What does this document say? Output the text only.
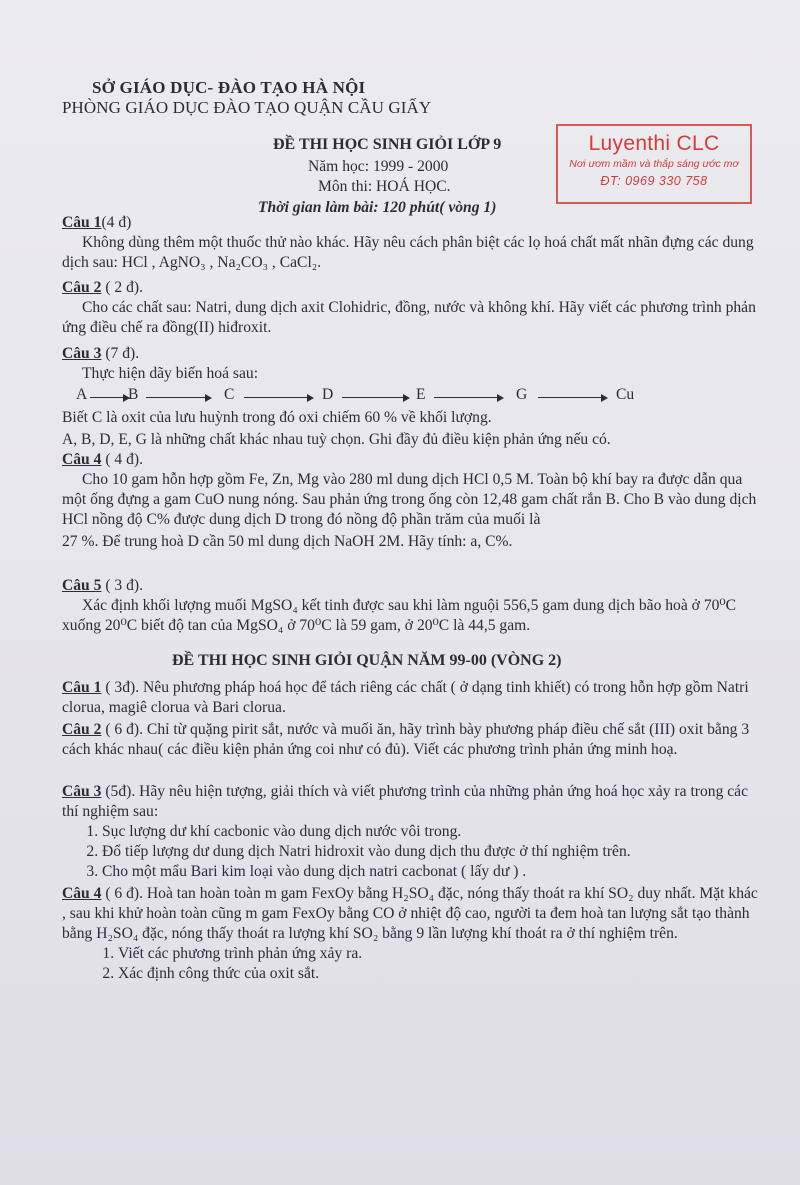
SỞ GIÁO DỤC- ĐÀO TẠO HÀ NỘI
PHÒNG GIÁO DỤC ĐÀO TẠO QUẬN CẦU GIẤY
ĐỀ THI HỌC SINH GIỎI LỚP 9
Năm học: 1999 - 2000
Môn thi: HOÁ HỌC.
Thời gian làm bài: 120 phút( vòng 1)
Luyenthi CLC
Nơi ươm mầm và thắp sáng ước mơ
ĐT: 0969 330 758
Câu 1(4 đ)
Không dùng thêm một thuốc thử nào khác. Hãy nêu cách phân biệt các lọ hoá chất mất nhãn đựng các dung dịch sau: HCl , AgNO₃ , Na₂CO₃ , CaCl₂.
Câu 2 ( 2 đ).
Cho các chất sau: Natri, dung dịch axit Clohidric, đồng, nước và không khí. Hãy viết các phương trình phản ứng điều chế ra đồng(II) hiđroxit.
Câu 3 (7 đ).
Thực hiện dãy biến hoá sau:
A	B	C	D	E	G	Cu
Biết C là oxit của lưu huỳnh trong đó oxi chiếm 60 % về khối lượng.
A, B, D, E, G là những chất khác nhau tuỳ chọn. Ghi đầy đủ điều kiện phản ứng nếu có.
Câu 4 ( 4 đ).
Cho 10 gam hỗn hợp gồm Fe, Zn, Mg vào 280 ml dung dịch HCl 0,5 M. Toàn bộ khí bay ra được dẫn qua một ống đựng a gam CuO nung nóng. Sau phản ứng trong ống còn 12,48 gam chất rắn B. Cho B vào dung dịch HCl nồng độ C% được dung dịch D trong đó nồng độ phần trăm của muối là
27 %. Để trung hoà D cần 50 ml dung dịch NaOH 2M. Hãy tính: a, C%.
Câu 5 ( 3 đ).
Xác định khối lượng muối MgSO₄ kết tinh được sau khi làm nguội 556,5 gam dung dịch bão hoà ở 70⁰C xuống 20⁰C biết độ tan của MgSO₄ ở 70⁰C là 59 gam, ở 20⁰C là 44,5 gam.
ĐỀ THI HỌC SINH GIỎI QUẬN NĂM 99-00 (VÒNG 2)
Câu 1 ( 3đ). Nêu phương pháp hoá học để tách riêng các chất ( ở dạng tinh khiết) có trong hỗn hợp gồm Natri clorua, magiê clorua và Bari clorua.
Câu 2 ( 6 đ). Chỉ từ quặng pirit sắt, nước và muối ăn, hãy trình bày phương pháp điều chế sắt (III) oxit bằng 3 cách khác nhau( các điều kiện phản ứng coi như có đủ). Viết các phương trình phản ứng minh hoạ.
Câu 3 (5đ). Hãy nêu hiện tượng, giải thích và viết phương trình của những phản ứng hoá học xảy ra trong các thí nghiệm sau:
1. Sục lượng dư khí cacbonic vào dung dịch nước vôi trong.
2. Đổ tiếp lượng dư dung dịch Natri hidroxit vào dung dịch thu được ở thí nghiệm trên.
3. Cho một mẩu Bari kim loại vào dung dịch natri cacbonat ( lấy dư ) .
Câu 4 ( 6 đ). Hoà tan hoàn toàn m gam FexOy bằng H₂SO₄ đặc, nóng thấy thoát ra khí SO₂ duy nhất. Mặt khác , sau khi khử hoàn toàn cũng m gam FexOy bằng CO ở nhiệt độ cao, người ta đem hoà tan lượng sắt tạo thành bằng H₂SO₄ đặc, nóng thấy thoát ra lượng khí SO₂ bằng 9 lần lượng khí thoát ra ở thí nghiệm trên.
1. Viết các phương trình phản ứng xảy ra.
2. Xác định công thức của oxit sắt.
